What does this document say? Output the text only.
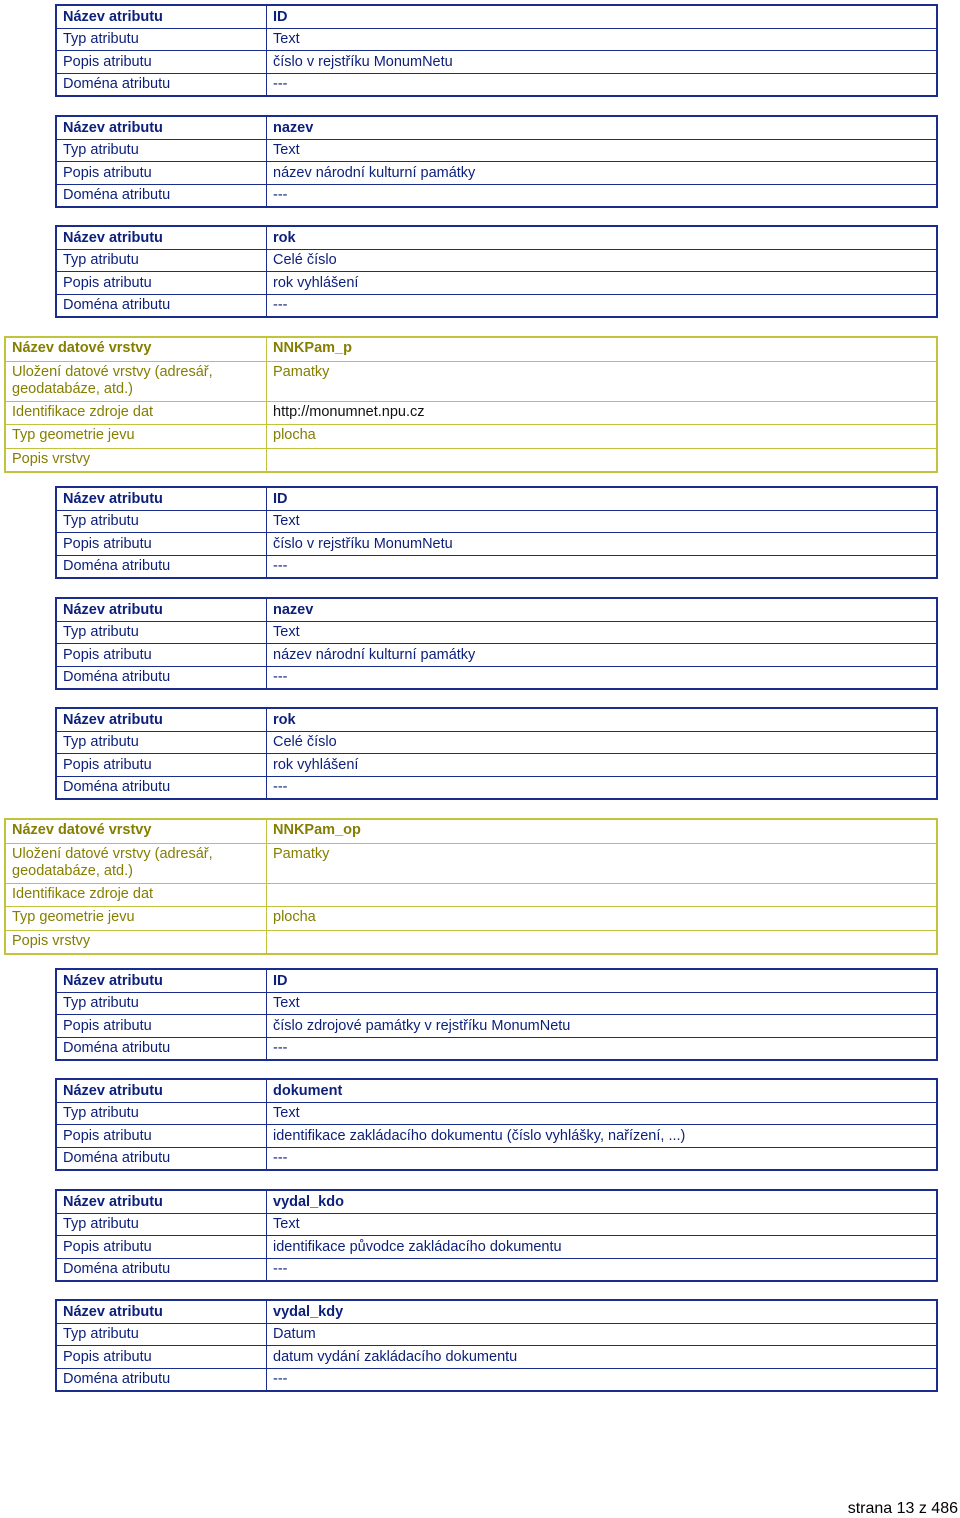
Název atributu	ID
Typ atributu	Text
Popis atributu	číslo v rejstříku MonumNetu
Doména atributu	---
Název atributu	nazev
Typ atributu	Text
Popis atributu	název národní kulturní památky
Doména atributu	---
Název atributu	rok
Typ atributu	Celé číslo
Popis atributu	rok vyhlášení
Doména atributu	---
Název datové vrstvy	NNKPam_p
Uložení datové vrstvy (adresář, geodatabáze, atd.)	Pamatky
Identifikace zdroje dat	http://monumnet.npu.cz
Typ geometrie jevu	plocha
Popis vrstvy	
Název atributu	ID
Typ atributu	Text
Popis atributu	číslo v rejstříku MonumNetu
Doména atributu	---
Název atributu	nazev
Typ atributu	Text
Popis atributu	název národní kulturní památky
Doména atributu	---
Název atributu	rok
Typ atributu	Celé číslo
Popis atributu	rok vyhlášení
Doména atributu	---
Název datové vrstvy	NNKPam_op
Uložení datové vrstvy (adresář, geodatabáze, atd.)	Pamatky
Identifikace zdroje dat	
Typ geometrie jevu	plocha
Popis vrstvy	
Název atributu	ID
Typ atributu	Text
Popis atributu	číslo zdrojové památky v rejstříku MonumNetu
Doména atributu	---
Název atributu	dokument
Typ atributu	Text
Popis atributu	identifikace zakládacího dokumentu (číslo vyhlášky, nařízení, ...)
Doména atributu	---
Název atributu	vydal_kdo
Typ atributu	Text
Popis atributu	identifikace původce zakládacího dokumentu
Doména atributu	---
Název atributu	vydal_kdy
Typ atributu	Datum
Popis atributu	datum vydání zakládacího dokumentu
Doména atributu	---
strana 13 z 486
